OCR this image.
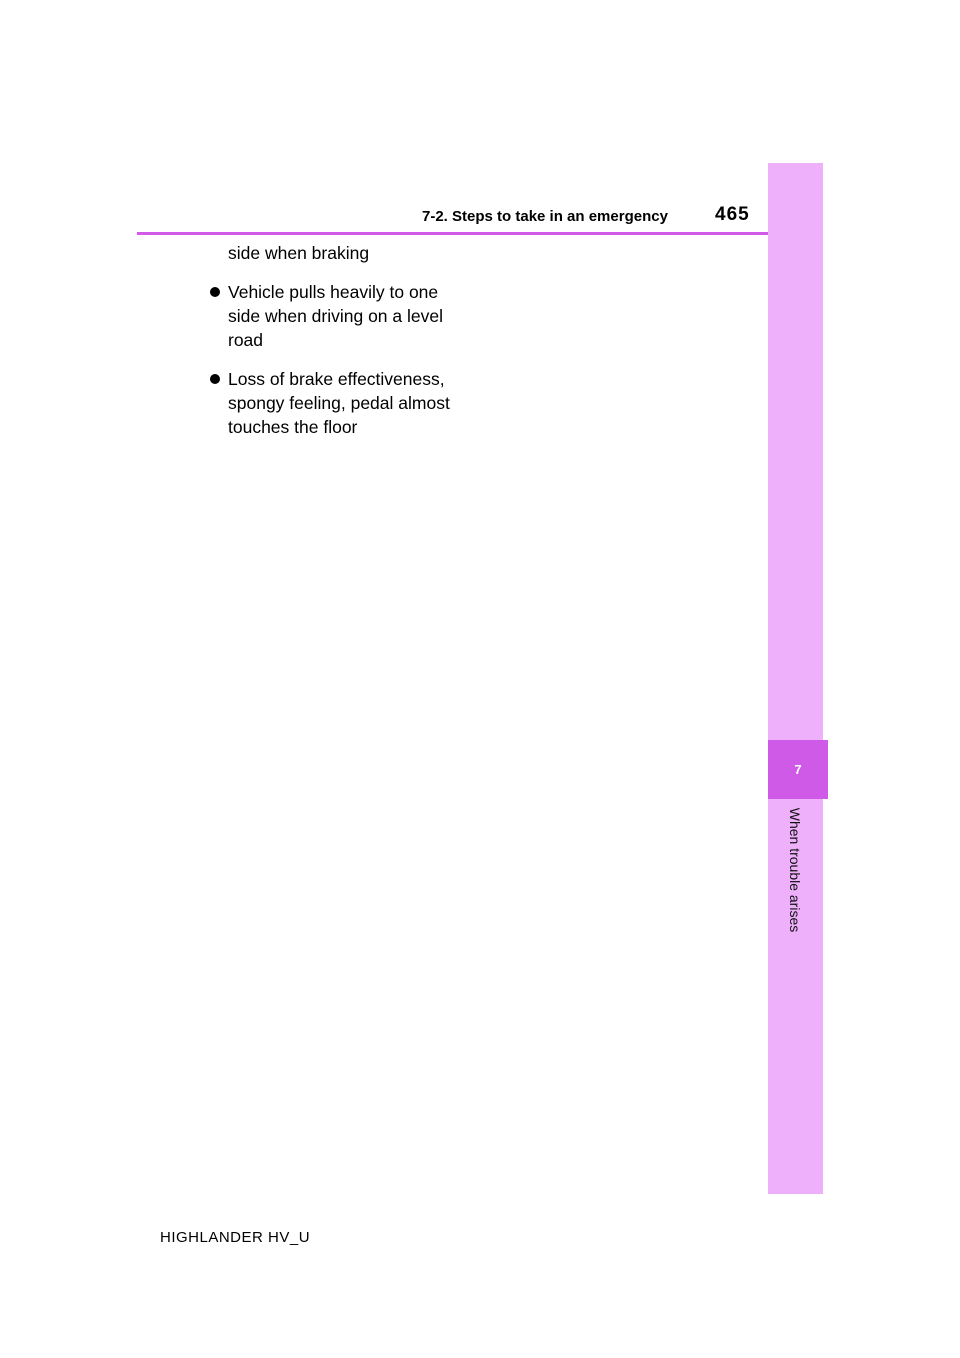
7-2. Steps to take in an emergency 465
7
When trouble arises
side when braking
Vehicle pulls heavily to one
side when driving on a level
road
Loss of brake effectiveness,
spongy feeling, pedal almost
touches the floor
HIGHLANDER HV_U
